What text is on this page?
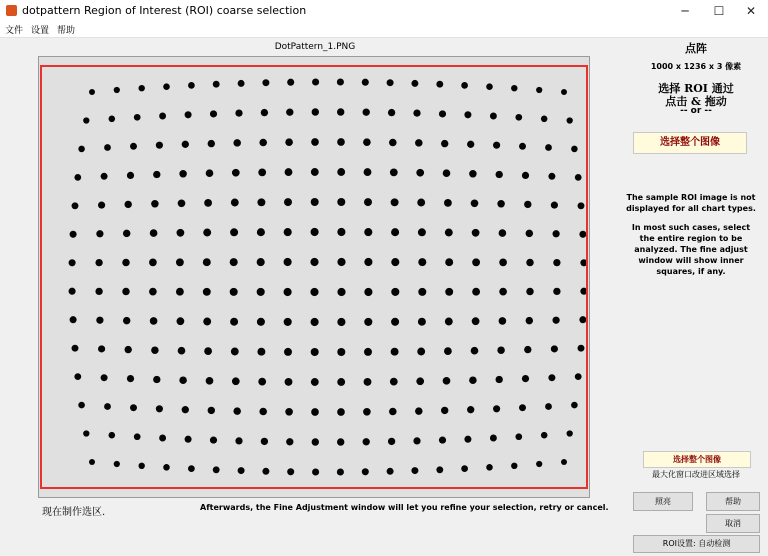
dotpattern Region of Interest (ROI) coarse selection	─	☐	✕
文件 设置 帮助
DotPattern_1.PNG
现在制作选区.	Afterwards, the Fine Adjustment window will let you refine your selection, retry or cancel.
点阵
1000 x 1236 x 3 像素
选择 ROI 通过
点击 & 拖动
-- or --
选择整个图像
The sample ROI image is not displayed for all chart types.
In most such cases, select the entire region to be analyzed. The fine adjust window will show inner squares, if any.
选择整个图像
最大化窗口改进区域选择
照亮	帮助
取消
ROI设置: 自动检测
